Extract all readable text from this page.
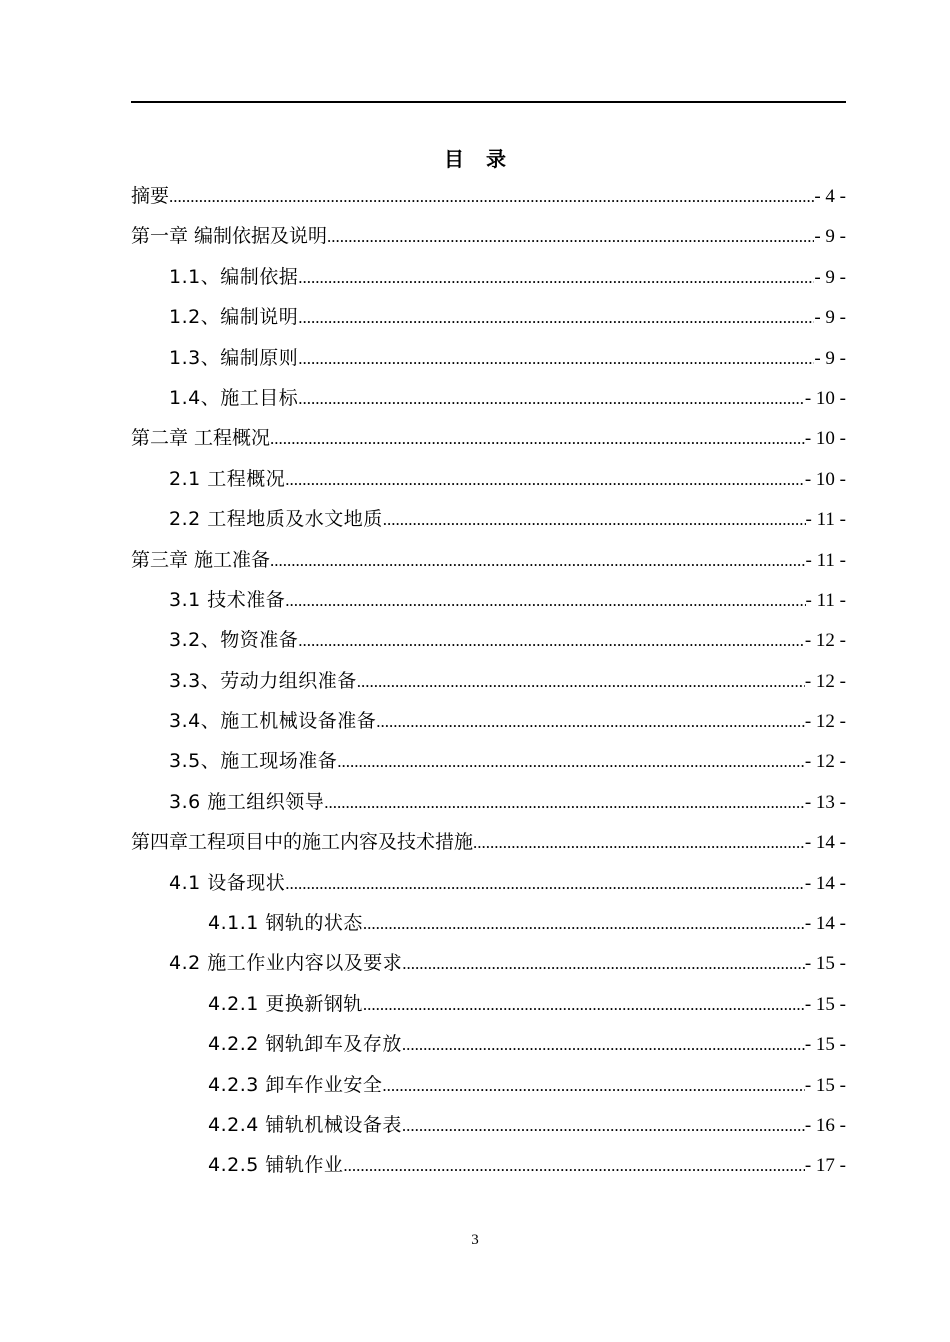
目 录
摘要 .....	- 4 -
第一章 编制依据及说明 .....	- 9 -
1.1、编制依据 .....	- 9 -
1.2、编制说明 .....	- 9 -
1.3、编制原则 .....	- 9 -
1.4、施工目标 .....	- 10 -
第二章 工程概况 .....	- 10 -
2.1 工程概况 .....	- 10 -
2.2 工程地质及水文地质 .....	- 11 -
第三章 施工准备 .....	- 11 -
3.1 技术准备 .....	- 11 -
3.2、物资准备 .....	- 12 -
3.3、劳动力组织准备 .....	- 12 -
3.4、施工机械设备准备 .....	- 12 -
3.5、施工现场准备 .....	- 12 -
3.6 施工组织领导 .....	- 13 -
第四章工程项目中的施工内容及技术措施 .....	- 14 -
4.1 设备现状 .....	- 14 -
4.1.1 钢轨的状态 .....	- 14 -
4.2 施工作业内容以及要求 .....	- 15 -
4.2.1 更换新钢轨 .....	- 15 -
4.2.2 钢轨卸车及存放 .....	- 15 -
4.2.3 卸车作业安全 .....	- 15 -
4.2.4 铺轨机械设备表 .....	- 16 -
4.2.5 铺轨作业 .....	- 17 -
3
